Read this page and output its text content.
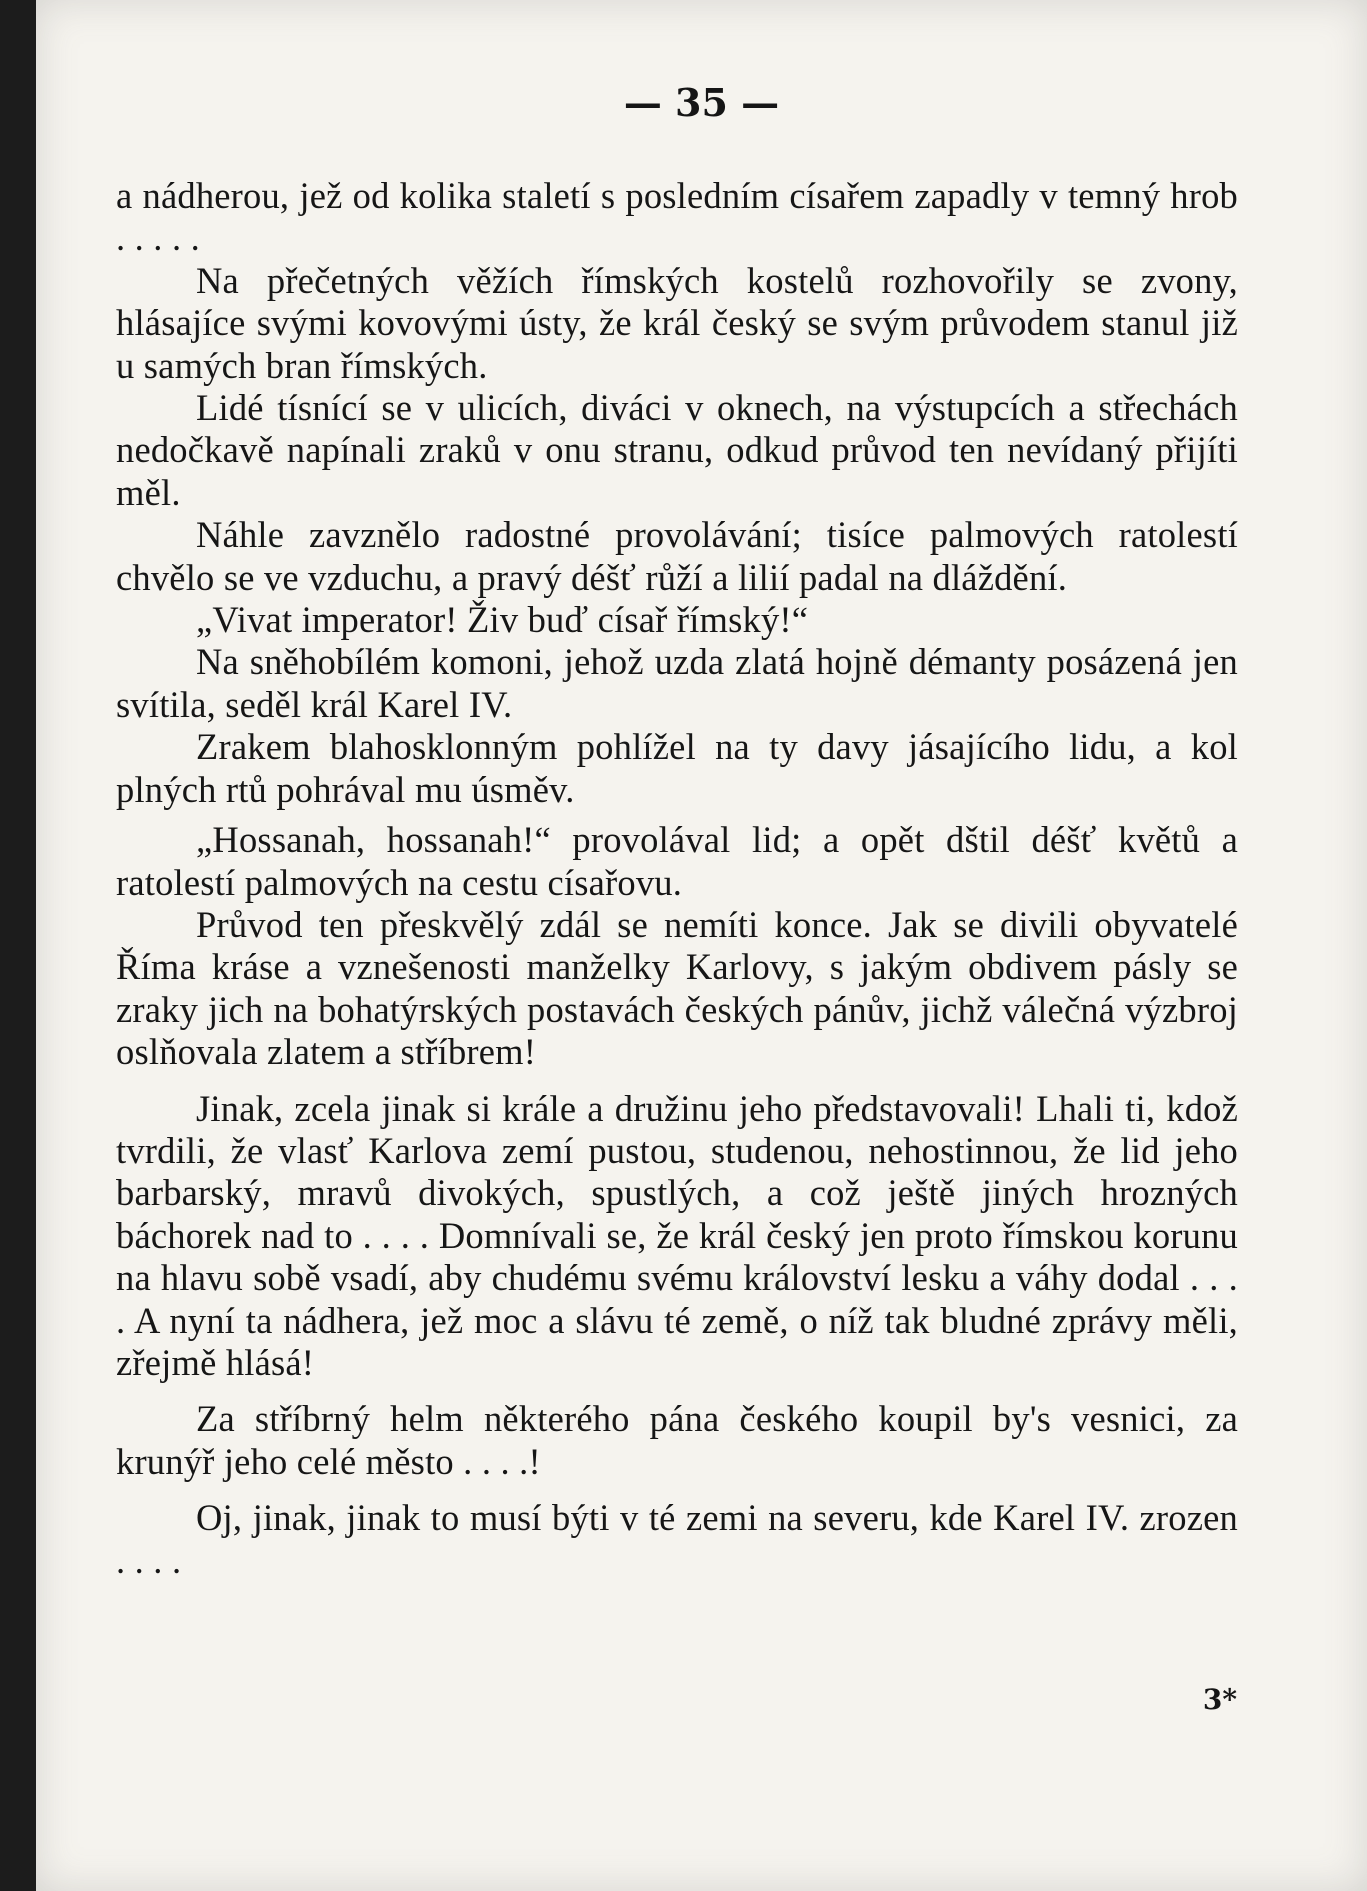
— 35 —

a nádherou, jež od kolika staletí s posledním císařem zapadly v temný hrob . . . . .

Na přečetných věžích římských kostelů rozhovořily se zvony, hlásajíce svými kovovými ústy, že král český se svým průvodem stanul již u samých bran římských.

Lidé tísnící se v ulicích, diváci v oknech, na výstupcích a střechách nedočkavě napínali zraků v onu stranu, odkud průvod ten nevídaný přijíti měl.

Náhle zavznělo radostné provolávání; tisíce palmových ratolestí chvělo se ve vzduchu, a pravý déšť růží a lilií padal na dláždění.

„Vivat imperator! Živ buď císař římský!“

Na sněhobílém komoni, jehož uzda zlatá hojně démanty posázená jen svítila, seděl král Karel IV.

Zrakem blahosklonným pohlížel na ty davy jásajícího lidu, a kol plných rtů pohrával mu úsměv.

„Hossanah, hossanah!“ provolával lid; a opět dštil déšť květů a ratolestí palmových na cestu císařovu.

Průvod ten přeskvělý zdál se nemíti konce. Jak se divili obyvatelé Říma kráse a vznešenosti manželky Karlovy, s jakým obdivem pásly se zraky jich na bohatýrských postavách českých pánův, jichž válečná výzbroj oslňovala zlatem a stříbrem!

Jinak, zcela jinak si krále a družinu jeho představovali! Lhali ti, kdož tvrdili, že vlasť Karlova zemí pustou, studenou, nehostinnou, že lid jeho barbarský, mravů divokých, spustlých, a což ještě jiných hrozných báchorek nad to . . . . Domnívali se, že král český jen proto římskou korunu na hlavu sobě vsadí, aby chudému svému království lesku a váhy dodal . . . . A nyní ta nádhera, jež moc a slávu té země, o níž tak bludné zprávy měli, zřejmě hlásá!

Za stříbrný helm některého pána českého koupil by's vesnici, za krunýř jeho celé město . . . .!

Oj, jinak, jinak to musí býti v té zemi na severu, kde Karel IV. zrozen . . . .

3*
